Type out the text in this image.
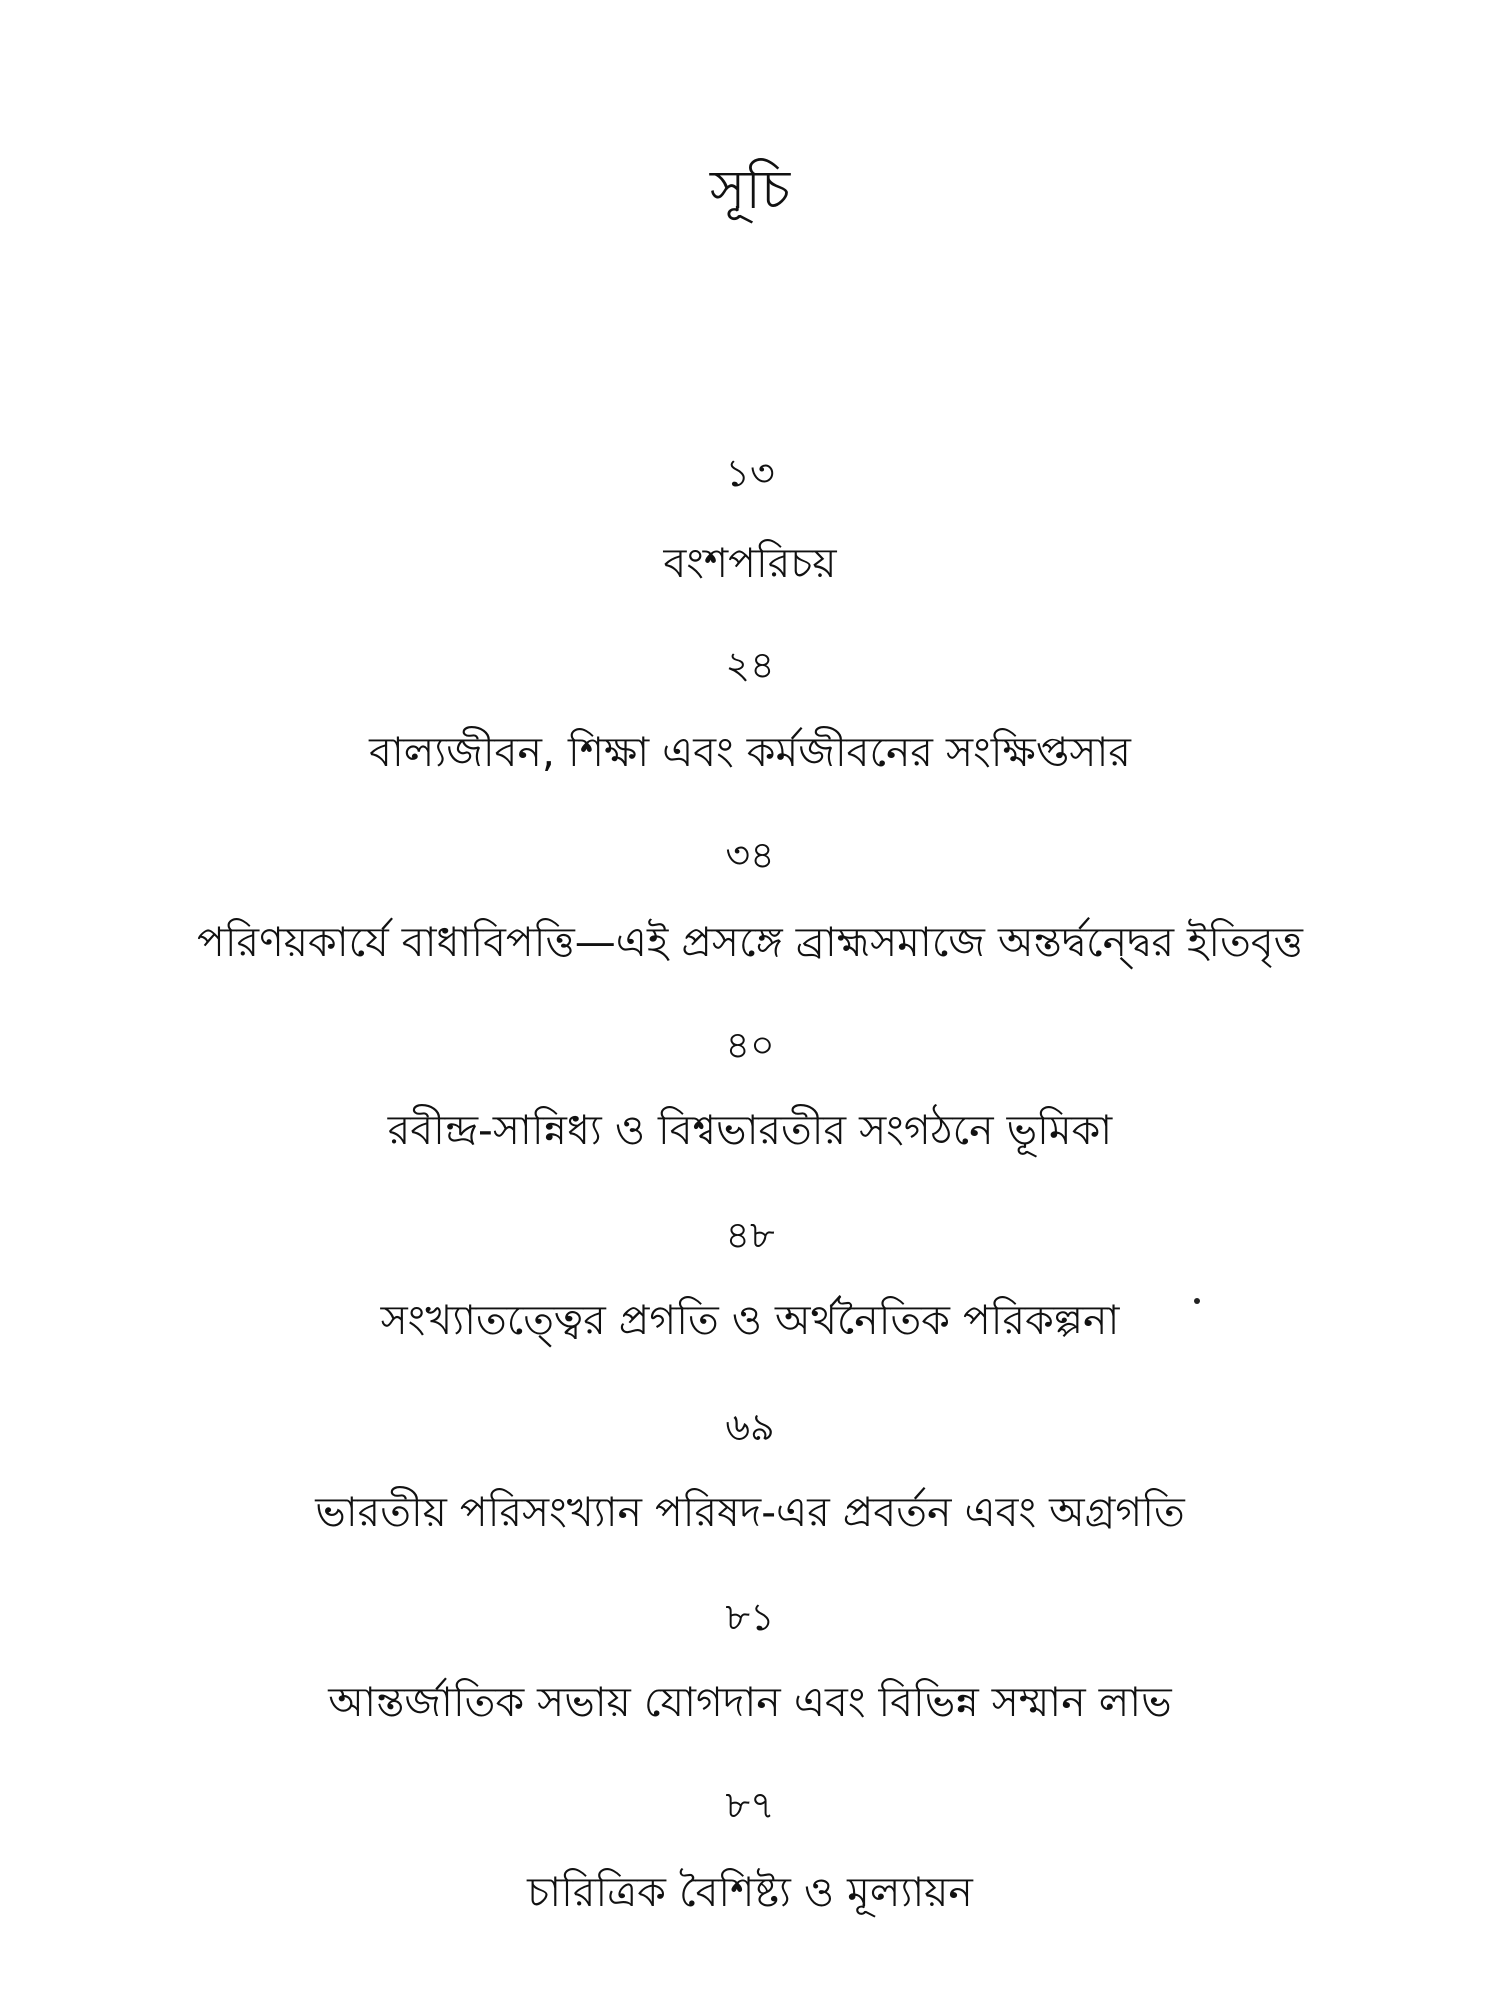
সূচি
১৩
বংশপরিচয়
২৪
বাল্যজীবন, শিক্ষা এবং কর্মজীবনের সংক্ষিপ্তসার
৩৪
পরিণয়কার্যে বাধাবিপত্তি—এই প্রসঙ্গে ব্রাহ্মসমাজে অন্তর্দ্বন্দ্বের ইতিবৃত্ত
৪০
রবীন্দ্র-সান্নিধ্য ও বিশ্বভারতীর সংগঠনে ভূমিকা
৪৮
সংখ্যাতত্ত্বের প্রগতি ও অর্থনৈতিক পরিকল্পনা
৬৯
ভারতীয় পরিসংখ্যান পরিষদ-এর প্রবর্তন এবং অগ্রগতি
৮১
আন্তর্জাতিক সভায় যোগদান এবং বিভিন্ন সম্মান লাভ
৮৭
চারিত্রিক বৈশিষ্ট্য ও মূল্যায়ন
